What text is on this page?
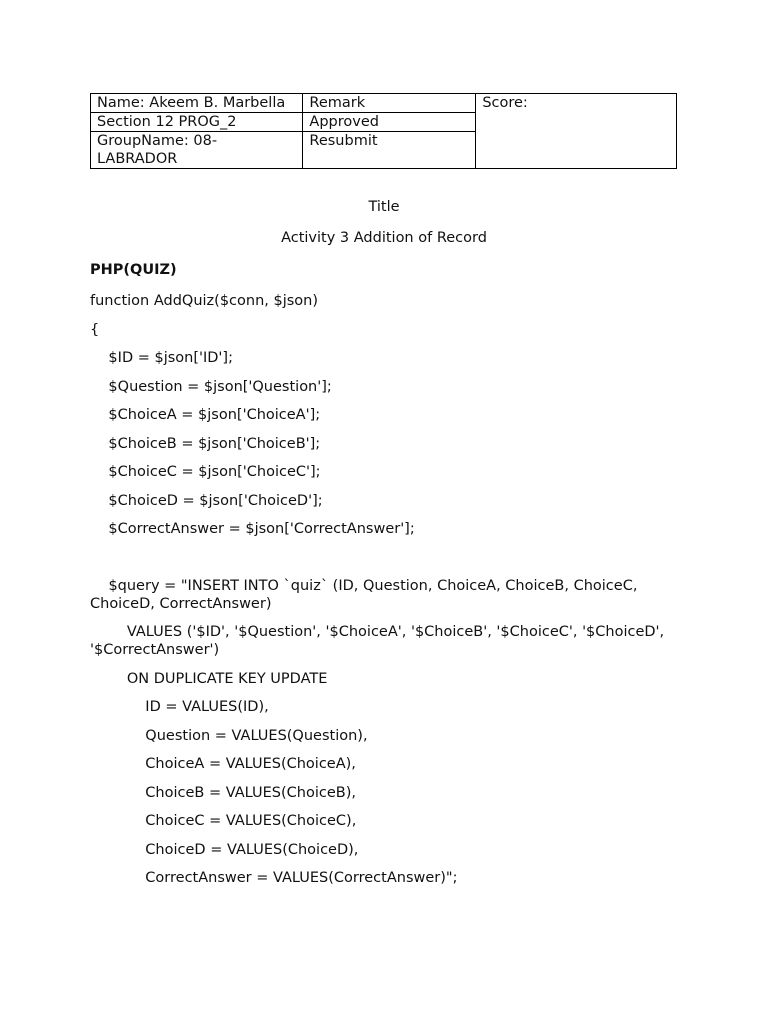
Name: Akeem B. Marbella	Remark	Score:
Section 12 PROG_2	Approved	
GroupName: 08-LABRADOR	Resubmit	
Title
Activity 3 Addition of Record
PHP(QUIZ)
function AddQuiz($conn, $json)
{
$ID = $json['ID'];
$Question = $json['Question'];
$ChoiceA = $json['ChoiceA'];
$ChoiceB = $json['ChoiceB'];
$ChoiceC = $json['ChoiceC'];
$ChoiceD = $json['ChoiceD'];
$CorrectAnswer = $json['CorrectAnswer'];
$query = "INSERT INTO `quiz` (ID, Question, ChoiceA, ChoiceB, ChoiceC, ChoiceD, CorrectAnswer)
VALUES ('$ID', '$Question', '$ChoiceA', '$ChoiceB', '$ChoiceC', '$ChoiceD', '$CorrectAnswer')
ON DUPLICATE KEY UPDATE
ID = VALUES(ID),
Question = VALUES(Question),
ChoiceA = VALUES(ChoiceA),
ChoiceB = VALUES(ChoiceB),
ChoiceC = VALUES(ChoiceC),
ChoiceD = VALUES(ChoiceD),
CorrectAnswer = VALUES(CorrectAnswer)";
